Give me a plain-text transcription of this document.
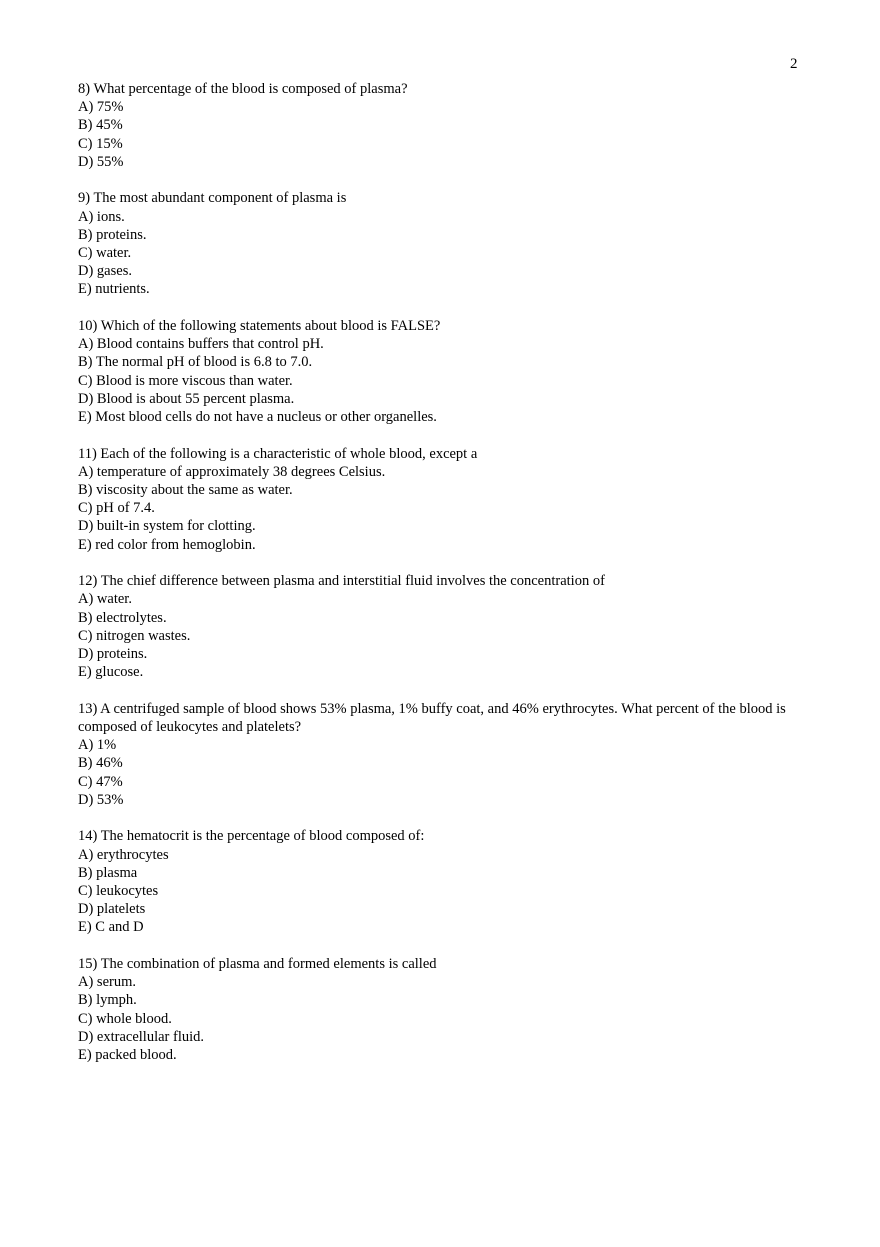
2
8) What percentage of the blood is composed of plasma?
A) 75%
B) 45%
C) 15%
D) 55%
9) The most abundant component of plasma is
A) ions.
B) proteins.
C) water.
D) gases.
E) nutrients.
10) Which of the following statements about blood is FALSE?
A) Blood contains buffers that control pH.
B) The normal pH of blood is 6.8 to 7.0.
C) Blood is more viscous than water.
D) Blood is about 55 percent plasma.
E) Most blood cells do not have a nucleus or other organelles.
11) Each of the following is a characteristic of whole blood, except a
A) temperature of approximately 38 degrees Celsius.
B) viscosity about the same as water.
C) pH of 7.4.
D) built-in system for clotting.
E) red color from hemoglobin.
12) The chief difference between plasma and interstitial fluid involves the concentration of
A) water.
B) electrolytes.
C) nitrogen wastes.
D) proteins.
E) glucose.
13) A centrifuged sample of blood shows 53% plasma, 1% buffy coat, and 46% erythrocytes. What percent of the blood is composed of leukocytes and platelets?
A) 1%
B) 46%
C) 47%
D) 53%
14) The hematocrit is the percentage of blood composed of:
A) erythrocytes
B) plasma
C) leukocytes
D) platelets
E) C and D
15) The combination of plasma and formed elements is called
A) serum.
B) lymph.
C) whole blood.
D) extracellular fluid.
E) packed blood.
